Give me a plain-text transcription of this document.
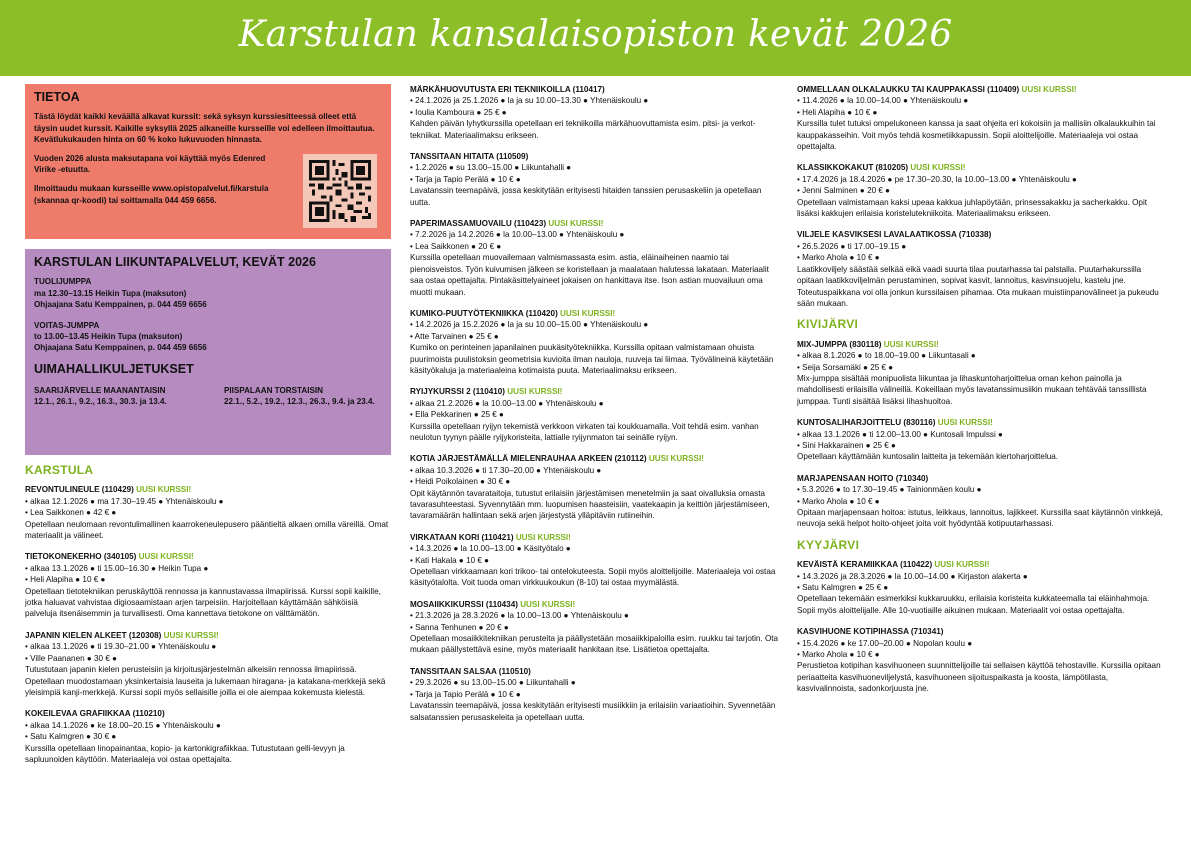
Karstulan kansalaisopiston kevät 2026
TIETOA

Tästä löydät kaikki keväällä alkavat kurssit: sekä syksyn kurssiesitteessä olleet että täysin uudet kurssit. Kaikille syksyllä 2025 alkaneille kursseille voi edelleen ilmoittautua. Kevätlukukauden hinta on 60 % koko lukuvuoden hinnasta.

Vuoden 2026 alusta maksutapana voi käyttää myös Edenred Virike -etuutta.

Ilmoittaudu mukaan kursseille www.opistopalvelut.fi/karstula (skannaa qr-koodi) tai soittamalla 044 459 6656.

KARSTULAN LIIKUNTAPALVELUT, KEVÄT 2026

TUOLIJUMPPA
ma 12.30–13.15 Heikin Tupa (maksuton)
Ohjaajana Satu Kemppainen, p. 044 459 6656

VOITAS-JUMPPA
to 13.00–13.45 Heikin Tupa (maksuton)
Ohjaajana Satu Kemppainen, p. 044 459 6656

UIMAHALLIKULJETUKSET
SAARIJÄRVELLE MAANANTAISIN
12.1., 26.1., 9.2., 16.3., 30.3. ja 13.4.
PIISPALAAN TORSTAISIN
22.1., 5.2., 19.2., 12.3., 26.3., 9.4. ja 23.4.
KARSTULA
REVONTULINEULE (110429) UUSI KURSSI!
• alkaa 12.1.2026 ● ma 17.30–19.45 ● Yhtenäiskoulu ●
• Lea Saikkonen ● 42 € ●
Opetellaan neulomaan revontulimallinen kaarrokeneulepusero pääntieltä alkaen omilla väreillä. Omat materiaalit ja välineet.
TIETOKONEKERHO (340105) UUSI KURSSI!
• alkaa 13.1.2026 ● ti 15.00–16.30 ● Heikin Tupa ●
• Heli Alapiha ● 10 € ●
Opetellaan tietotekniikan peruskäyttöä rennossa ja kannustavassa ilmapiirissä. Kurssi sopii kaikille, jotka haluavat vahvistaa digiosaamistaan arjen tarpeisiin. Harjoitellaan käyttämään sähköisiä palveluja itsenäisemmin ja turvallisesti. Oma kannettava tietokone on välttämätön.
JAPANIN KIELEN ALKEET (120308) UUSI KURSSI!
• alkaa 13.1.2026 ● ti 19.30–21.00 ● Yhtenäiskoulu ●
• Ville Paananen ● 30 € ●
Tutustutaan japanin kielen perusteisiin ja kirjoitusjärjestelmän alkeisiin rennossa ilmapiirissä. Opetellaan muodostamaan yksinkertaisia lauseita ja lukemaan hiragana- ja katakana-merkkejä sekä yleisimpiä kanji-merkkejä. Kurssi sopii myös sellaisille joilla ei ole aiempaa kokemusta kielestä.
KOKEILEVAA GRAFIIKKAA (110210)
• alkaa 14.1.2026 ● ke 18.00–20.15 ● Yhtenäiskoulu ●
• Satu Kalmgren ● 30 € ●
Kurssilla opetellaan linopainantaa, kopio- ja kartonkigrafiikkaa. Tutustutaan gelli-levyyn ja sapluunoiden käyttöön. Materiaaleja voi ostaa opettajalta.
MÄRKÄHUOVUTUSTA ERI TEKNIIKOILLA (110417)
• 24.1.2026 ja 25.1.2026 ● la ja su 10.00–13.30 ● Yhtenäiskoulu ●
• Ioulia Kamboura ● 25 € ●
Kahden päivän lyhytkurssilla opetellaan eri tekniikoilla märkähuovuttamista esim. pitsi- ja verkot-tekniikat. Materiaalimaksu erikseen.
TANSSITAAN HITAITA (110509)
• 1.2.2026 ● su 13.00–15.00 ● Liikuntahalli ●
• Tarja ja Tapio Perälä ● 10 € ●
Lavatanssin teemapäivä, jossa keskitytään erityisesti hitaiden tanssien perusaskeliin ja opetellaan uutta.
PAPERIMASSAMUOVAILU (110423) UUSI KURSSI!
• 7.2.2026 ja 14.2.2026 ● la 10.00–13.00 ● Yhtenäiskoulu ●
• Lea Saikkonen ● 20 € ●
Kurssilla opetellaan muovailemaan valmismassasta esim. astia, eläinaiheinen naamio tai pienoisveistos. Työn kuivumisen jälkeen se koristellaan ja maalataan halutessa lakataan. Materiaalit saa ostaa opettajalta. Pintakäsittelyaineet jokaisen on hankittava itse. Ison astian muovailuun oma muotti mukaan.
KUMIKO-PUUTYÖTEKNIIKKA (110420) UUSI KURSSI!
• 14.2.2026 ja 15.2.2026 ● la ja su 10.00–15.00 ● Yhtenäiskoulu ●
• Atte Tarvainen ● 25 € ●
Kumiko on perinteinen japanilainen puukäsityötekniikka. Kurssilla opitaan valmistamaan ohuista puurimoista puulistoksin geometrisia kuvioita ilman nauloja, ruuveja tai liimaa. Työvälineinä käytetään käsityökaluja ja materiaaleina kotimaista puuta. Materiaalimaksu erikseen.
RYIJYKURSSI 2 (110410) UUSI KURSSI!
• alkaa 21.2.2026 ● la 10.00–13.00 ● Yhtenäiskoulu ●
• Ella Pekkarinen ● 25 € ●
Kurssilla opetellaan ryijyn tekemistä verkkoon virkaten tai koukkuamalla. Voit tehdä esim. vanhan neulotun tyynyn päälle ryijykoristeita, lattialle ryijynmaton tai seinälle ryijyn.
KOTIA JÄRJESTÄMÄLLÄ MIELENRAUHAA ARKEEN (210112) UUSI KURSSI!
• alkaa 10.3.2026 ● ti 17.30–20.00 ● Yhtenäiskoulu ●
• Heidi Poikolainen ● 30 € ●
Opit käytännön tavarataitoja, tutustut erilaisiin järjestämisen menetelmiin ja saat oivalluksia omasta tavarasuhteestasi. Syvennytään mm. luopumisen haasteisiin, vaatekaapin ja keittiön järjestämiseen, tavaramäärän hallintaan sekä arjen järjestystä ylläpitäviin rutiineihin.
VIRKATAAN KORI (110421) UUSI KURSSI!
• 14.3.2026 ● la 10.00–13.00 ● Käsityötalo ●
• Kati Hakala ● 10 € ●
Opetellaan virkkaamaan kori trikoo- tai ontelokuteesta. Sopii myös aloittelijoille. Materiaaleja voi ostaa käsityötalolta. Voit tuoda oman virkkuukoukun (8-10) tai ostaa myymälästä.
MOSAIIKKIKURSSI (110434) UUSI KURSSI!
• 21.3.2026 ja 28.3.2026 ● la 10.00–13.00 ● Yhtenäiskoulu ●
• Sanna Tenhunen ● 20 € ●
Opetellaan mosaiikkitekniikan perusteita ja päällystetään mosaiikkipaloilla esim. ruukku tai tarjotin. Ota mukaan päällystettävä esine, myös materiaalit hankitaan itse. Lisätietoa opettajalta.
TANSSITAAN SALSAA (110510)
• 29.3.2026 ● su 13.00–15.00 ● Liikuntahalli ●
• Tarja ja Tapio Perälä ● 10 € ●
Lavatanssin teemapäivä, jossa keskitytään erityisesti musiikkiin ja erilaisiin variaatioihin. Syvennetään salsatanssien perusaskeleita ja opetellaan uutta.
OMMELLAAN OLKALAUKKU TAI KAUPPAKASSI (110409) UUSI KURSSI!
• 11.4.2026 ● la 10.00–14.00 ● Yhtenäiskoulu ●
• Heli Alapiha ● 10 € ●
Kurssilla tulet tutuksi ompelukoneen kanssa ja saat ohjeita eri kokoisiin ja mallisiin olkalaukkuihin tai kauppakasseihin. Voit myös tehdä kosmetiikkapussin. Sopii aloittelijoille. Materiaaleja voi ostaa opettajalta.
KLASSIKKOKAKUT (810205) UUSI KURSSI!
• 17.4.2026 ja 18.4.2026 ● pe 17.30–20.30, la 10.00–13.00 ● Yhtenäiskoulu ●
• Jenni Salminen ● 20 € ●
Opetellaan valmistamaan kaksi upeaa kakkua juhlapöytään, prinsessakakku ja sacherkakku. Opit lisäksi kakkujen erilaisia koristelutekniikoita. Materiaalimaksu erikseen.
VILJELE KASVIKSESI LAVALAATIKOSSA (710338)
• 26.5.2026 ● ti 17.00–19.15 ●
• Marko Ahola ● 10 € ●
Laatikkoviljely säästää selkää eikä vaadi suurta tilaa puutarhassa tai palstalla. Puutarhakurssilla opitaan laatikkoviljelmän perustaminen, sopivat kasvit, lannoitus, kasvinsuojelu, kastelu jne. Toteutuspaikkana voi olla jonkun kurssilaisen pihamaa. Ota mukaan muistiinpanovälineet ja pukeudu sään mukaan.
KIVIJÄRVI
MIX-JUMPPA (830118) UUSI KURSSI!
• alkaa 8.1.2026 ● to 18.00–19.00 ● Liikuntasali ●
• Seija Sorsamäki ● 25 € ●
Mix-jumppa sisältää monipuolista liikuntaa ja lihaskuntoharjoittelua oman kehon painolla ja mahdollisesti erilaisilla välineillä. Kokeillaan myös lavatanssimusiikin mukaan tehtävää tanssillista jumppaa. Tunti sisältää lisäksi lihashuoltoa.
KUNTOSALIHARJOITTELU (830116) UUSI KURSSI!
• alkaa 13.1.2026 ● ti 12.00–13.00 ● Kuntosali Impulssi ●
• Sini Hakkarainen ● 25 € ●
Opetellaan käyttämään kuntosalin laitteita ja tekemään kiertoharjoittelua.
MARJAPENSAAN HOITO (710340)
• 5.3.2026 ● to 17.30–19.45 ● Tainionmäen koulu ●
• Marko Ahola ● 10 € ●
Opitaan marjapensaan hoitoa: istutus, leikkaus, lannoitus, lajikkeet. Kurssilla saat käytännön vinkkejä, neuvoja sekä helpot hoito-ohjeet joita voit hyödyntää kotipuutarhassasi.
KYYJÄRVI
KEVÄISTÄ KERAMIIKKAA (110422) UUSI KURSSI!
• 14.3.2026 ja 28.3.2026 ● la 10.00–14.00 ● Kirjaston alakerta ●
• Satu Kalmgren ● 25 € ●
Opetellaan tekemään esimerkiksi kukkaruukku, erilaisia koristeita kukkateemalla tai eläinhahmoja. Sopii myös aloittelijalle. Alle 10-vuotiaille aikuinen mukaan. Materiaalit voi ostaa opettajalta.
KASVIHUONE KOTIPIHASSA (710341)
• 15.4.2026 ● ke 17.00–20.00 ● Nopolan koulu ●
• Marko Ahola ● 10 € ●
Perustietoa kotipihan kasvihuoneen suunnittelijoille tai sellaisen käyttöä tehostaville. Kurssilla opitaan periaatteita kasvihuoneviljelystä, kasvihuoneen sijoituspaikasta ja koosta, lämpötilasta, kasvivalinnoista, sadonkorjuusta jne.
